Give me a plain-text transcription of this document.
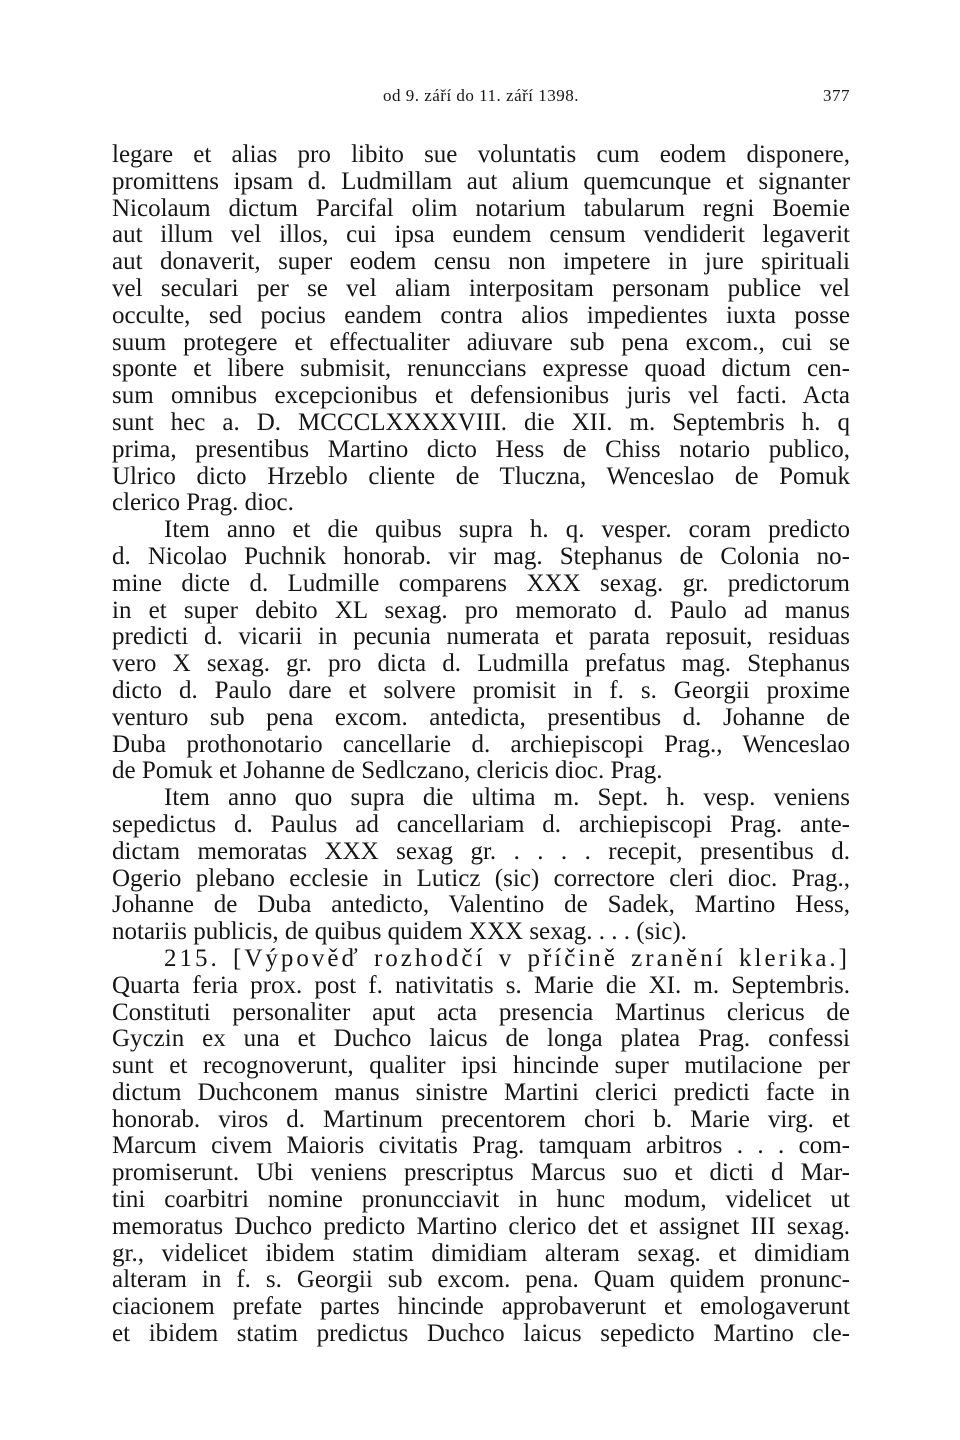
od 9. září do 11. září 1398.	377
legare et alias pro libito sue voluntatis cum eodem disponere,
promittens ipsam d. Ludmillam aut alium quemcunque et signanter
Nicolaum dictum Parcifal olim notarium tabularum regni Boemie
aut illum vel illos, cui ipsa eundem censum vendiderit legaverit
aut donaverit, super eodem censu non impetere in jure spirituali
vel seculari per se vel aliam interpositam personam publice vel
occulte, sed pocius eandem contra alios impedientes iuxta posse
suum protegere et effectualiter adiuvare sub pena excom., cui se
sponte et libere submisit, renunccians expresse quoad dictum cen-
sum omnibus excepcionibus et defensionibus juris vel facti. Acta
sunt hec a. D. MCCCLXXXXVIII. die XII. m. Septembris h. q
prima, presentibus Martino dicto Hess de Chiss notario publico,
Ulrico dicto Hrzeblo cliente de Tluczna, Wenceslao de Pomuk
clerico Prag. dioc.
Item anno et die quibus supra h. q. vesper. coram predicto
d. Nicolao Puchnik honorab. vir mag. Stephanus de Colonia no-
mine dicte d. Ludmille comparens XXX sexag. gr. predictorum
in et super debito XL sexag. pro memorato d. Paulo ad manus
predicti d. vicarii in pecunia numerata et parata reposuit, residuas
vero X sexag. gr. pro dicta d. Ludmilla prefatus mag. Stephanus
dicto d. Paulo dare et solvere promisit in f. s. Georgii proxime
venturo sub pena excom. antedicta, presentibus d. Johanne de
Duba prothonotario cancellarie d. archiepiscopi Prag., Wenceslao
de Pomuk et Johanne de Sedlczano, clericis dioc. Prag.
Item anno quo supra die ultima m. Sept. h. vesp. veniens
sepedictus d. Paulus ad cancellariam d. archiepiscopi Prag. ante-
dictam memoratas XXX sexag gr. . . . . recepit, presentibus d.
Ogerio plebano ecclesie in Luticz (sic) correctore cleri dioc. Prag.,
Johanne de Duba antedicto, Valentino de Sadek, Martino Hess,
notariis publicis, de quibus quidem XXX sexag. . . . (sic).
215. [Výpověď rozhodčí v příčině zranění klerika.]
Quarta feria prox. post f. nativitatis s. Marie die XI. m. Septembris.
Constituti personaliter aput acta presencia Martinus clericus de
Gyczin ex una et Duchco laicus de longa platea Prag. confessi
sunt et recognoverunt, qualiter ipsi hincinde super mutilacione per
dictum Duchconem manus sinistre Martini clerici predicti facte in
honorab. viros d. Martinum precentorem chori b. Marie virg. et
Marcum civem Maioris civitatis Prag. tamquam arbitros . . . com-
promiserunt. Ubi veniens prescriptus Marcus suo et dicti d Mar-
tini coarbitri nomine pronuncciavit in hunc modum, videlicet ut
memoratus Duchco predicto Martino clerico det et assignet III sexag.
gr., videlicet ibidem statim dimidiam alteram sexag. et dimidiam
alteram in f. s. Georgii sub excom. pena. Quam quidem pronunc-
ciacionem prefate partes hincinde approbaverunt et emologaverunt
et ibidem statim predictus Duchco laicus sepedicto Martino cle-
